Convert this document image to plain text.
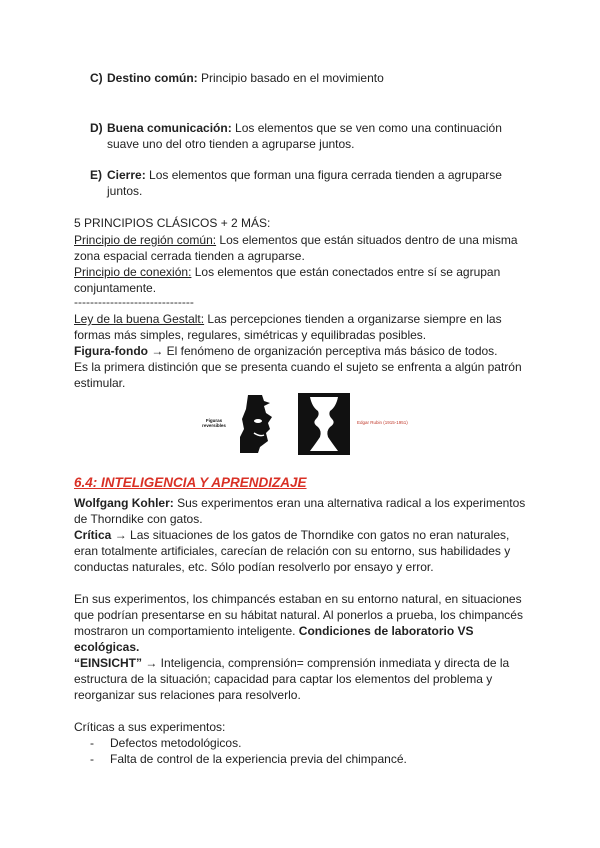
C) Destino común: Principio basado en el movimiento
D) Buena comunicación: Los elementos que se ven como una continuación suave uno del otro tienden a agruparse juntos.
E) Cierre: Los elementos que forman una figura cerrada tienden a agruparse juntos.
5 PRINCIPIOS CLÁSICOS + 2 MÁS:
Principio de región común: Los elementos que están situados dentro de una misma zona espacial cerrada tienden a agruparse.
Principio de conexión: Los elementos que están conectados entre sí se agrupan conjuntamente.
------------------------------
Ley de la buena Gestalt: Las percepciones tienden a organizarse siempre en las formas más simples, regulares, simétricas y equilibradas posibles.
Figura-fondo → El fenómeno de organización perceptiva más básico de todos.
Es la primera distinción que se presenta cuando el sujeto se enfrenta a algún patrón estimular.
Figuras reversibles
Edgar Rubin (1915-1951)
6.4: INTELIGENCIA Y APRENDIZAJE
Wolfgang Kohler: Sus experimentos eran una alternativa radical a los experimentos de Thorndike con gatos.
Crítica → Las situaciones de los gatos de Thorndike con gatos no eran naturales, eran totalmente artificiales, carecían de relación con su entorno, sus habilidades y conductas naturales, etc. Sólo podían resolverlo por ensayo y error.
En sus experimentos, los chimpancés estaban en su entorno natural, en situaciones que podrían presentarse en su hábitat natural. Al ponerlos a prueba, los chimpancés mostraron un comportamiento inteligente. Condiciones de laboratorio VS ecológicas.
“EINSICHT” → Inteligencia, comprensión= comprensión inmediata y directa de la estructura de la situación; capacidad para captar los elementos del problema y reorganizar sus relaciones para resolverlo.
Críticas a sus experimentos:
- Defectos metodológicos.
- Falta de control de la experiencia previa del chimpancé.
